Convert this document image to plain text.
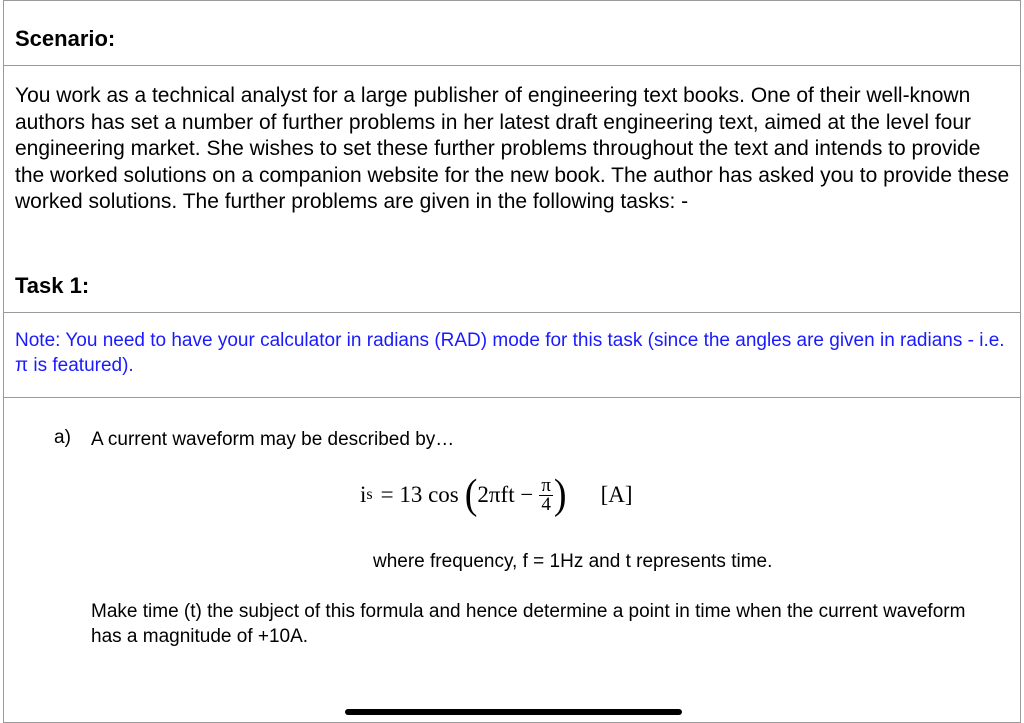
Scenario:
You work as a technical analyst for a large publisher of engineering text books. One of their well-known authors has set a number of further problems in her latest draft engineering text, aimed at the level four engineering market. She wishes to set these further problems throughout the text and intends to provide the worked solutions on a companion website for the new book. The author has asked you to provide these worked solutions. The further problems are given in the following tasks: -
Task 1:
Note: You need to have your calculator in radians (RAD) mode for this task (since the angles are given in radians - i.e. π is featured).
a) A current waveform may be described by…
i s = 13 cos ( $2\pi ft - \frac{\pi}{4}$ ) [A]
where frequency, f = 1Hz and t represents time.
Make time (t) the subject of this formula and hence determine a point in time when the current waveform has a magnitude of +10A.
